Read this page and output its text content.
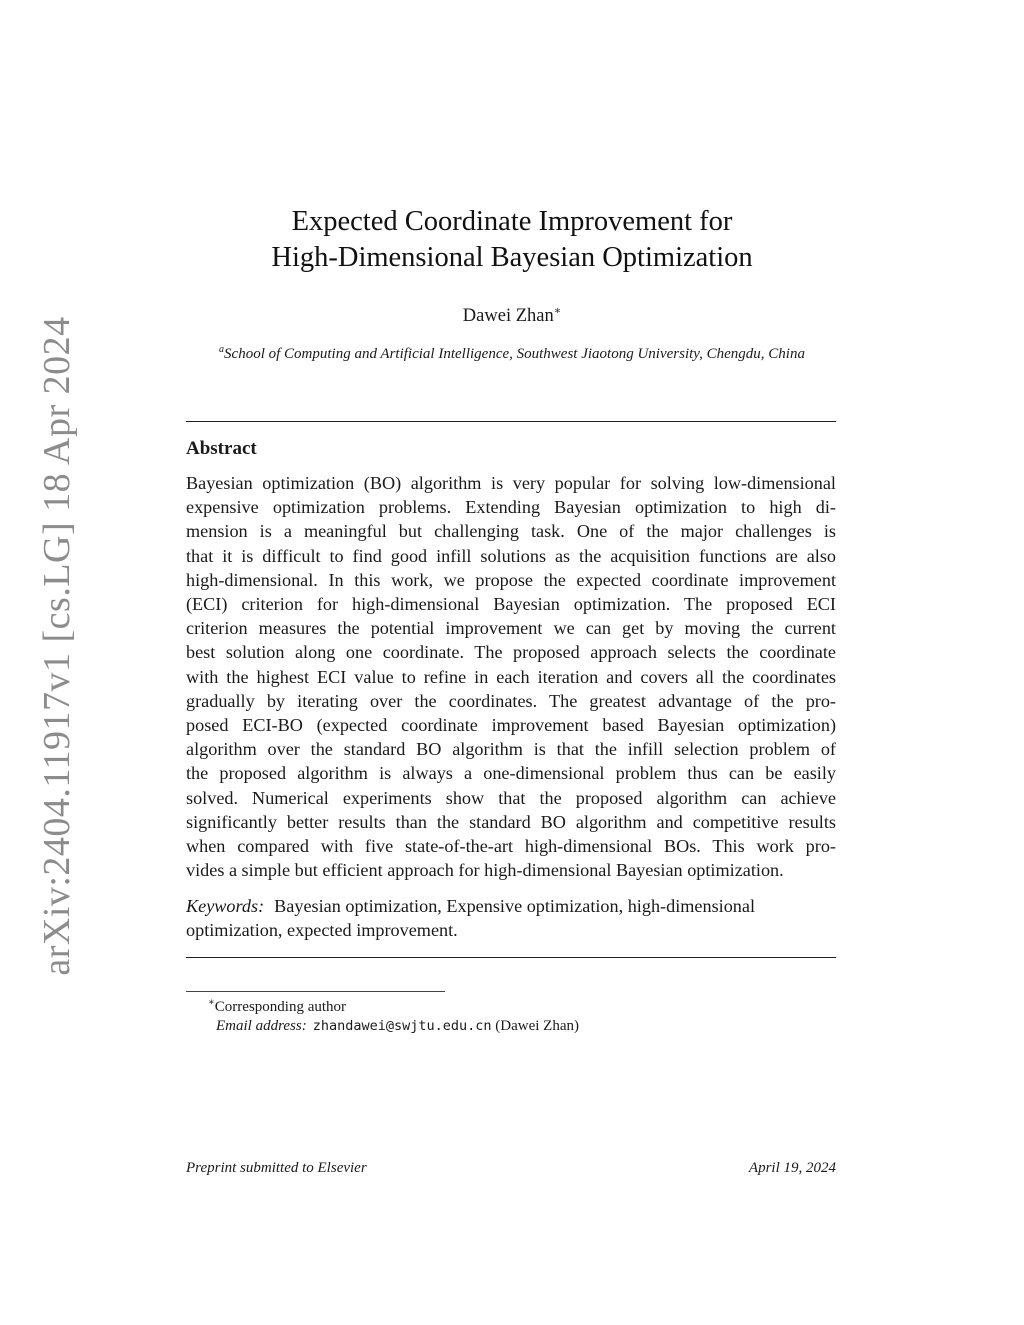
arXiv:2404.11917v1 [cs.LG] 18 Apr 2024
Expected Coordinate Improvement for
High-Dimensional Bayesian Optimization
Dawei Zhan∗
$^a$School of Computing and Artificial Intelligence, Southwest Jiaotong University, Chengdu, China
Abstract
Bayesian optimization (BO) algorithm is very popular for solving low-dimensional
expensive optimization problems. Extending Bayesian optimization to high di-
mension is a meaningful but challenging task. One of the major challenges is
that it is difficult to find good infill solutions as the acquisition functions are also
high-dimensional. In this work, we propose the expected coordinate improvement
(ECI) criterion for high-dimensional Bayesian optimization. The proposed ECI
criterion measures the potential improvement we can get by moving the current
best solution along one coordinate. The proposed approach selects the coordinate
with the highest ECI value to refine in each iteration and covers all the coordinates
gradually by iterating over the coordinates. The greatest advantage of the pro-
posed ECI-BO (expected coordinate improvement based Bayesian optimization)
algorithm over the standard BO algorithm is that the infill selection problem of
the proposed algorithm is always a one-dimensional problem thus can be easily
solved. Numerical experiments show that the proposed algorithm can achieve
significantly better results than the standard BO algorithm and competitive results
when compared with five state-of-the-art high-dimensional BOs. This work pro-
vides a simple but efficient approach for high-dimensional Bayesian optimization.
Keywords: Bayesian optimization, Expensive optimization, high-dimensional
optimization, expected improvement.
∗Corresponding author
Email address: zhandawei@swjtu.edu.cn (Dawei Zhan)
Preprint submitted to Elsevier	April 19, 2024
